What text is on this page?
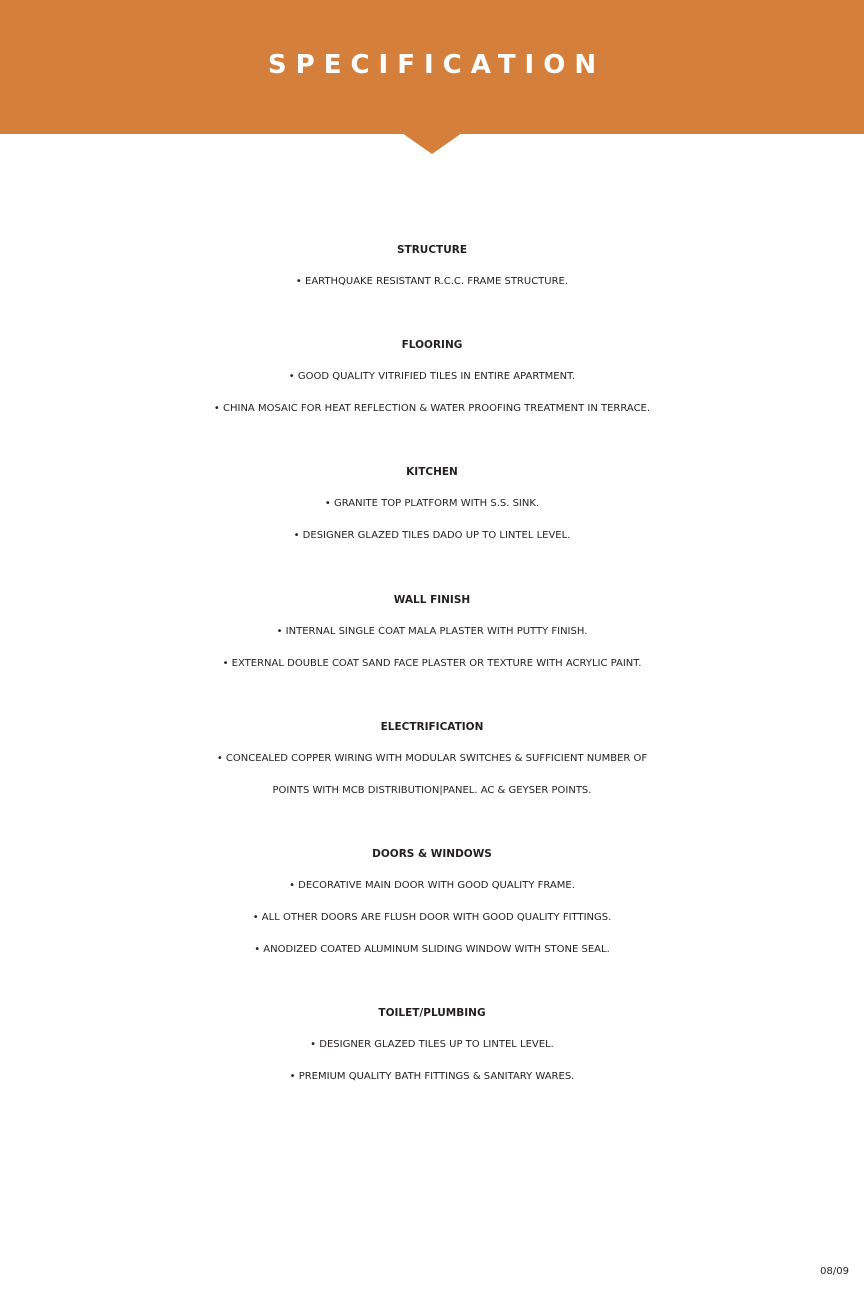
SPECIFICATION
STRUCTURE
• EARTHQUAKE RESISTANT R.C.C. FRAME STRUCTURE.
FLOORING
• GOOD QUALITY VITRIFIED TILES IN ENTIRE APARTMENT.
• CHINA MOSAIC FOR HEAT REFLECTION & WATER PROOFING TREATMENT IN TERRACE.
KITCHEN
• GRANITE TOP PLATFORM WITH S.S. SINK.
• DESIGNER GLAZED TILES DADO UP TO LINTEL LEVEL.
WALL FINISH
• INTERNAL SINGLE COAT MALA PLASTER WITH PUTTY FINISH.
• EXTERNAL DOUBLE COAT SAND FACE PLASTER OR TEXTURE WITH ACRYLIC PAINT.
ELECTRIFICATION
• CONCEALED COPPER WIRING WITH MODULAR SWITCHES & SUFFICIENT NUMBER OF
POINTS WITH MCB DISTRIBUTION|PANEL. AC & GEYSER POINTS.
DOORS & WINDOWS
• DECORATIVE MAIN DOOR WITH GOOD QUALITY FRAME.
• ALL OTHER DOORS ARE FLUSH DOOR WITH GOOD QUALITY FITTINGS.
• ANODIZED COATED ALUMINUM SLIDING WINDOW WITH STONE SEAL.
TOILET/PLUMBING
• DESIGNER GLAZED TILES UP TO LINTEL LEVEL.
• PREMIUM QUALITY BATH FITTINGS & SANITARY WARES.
08/09
